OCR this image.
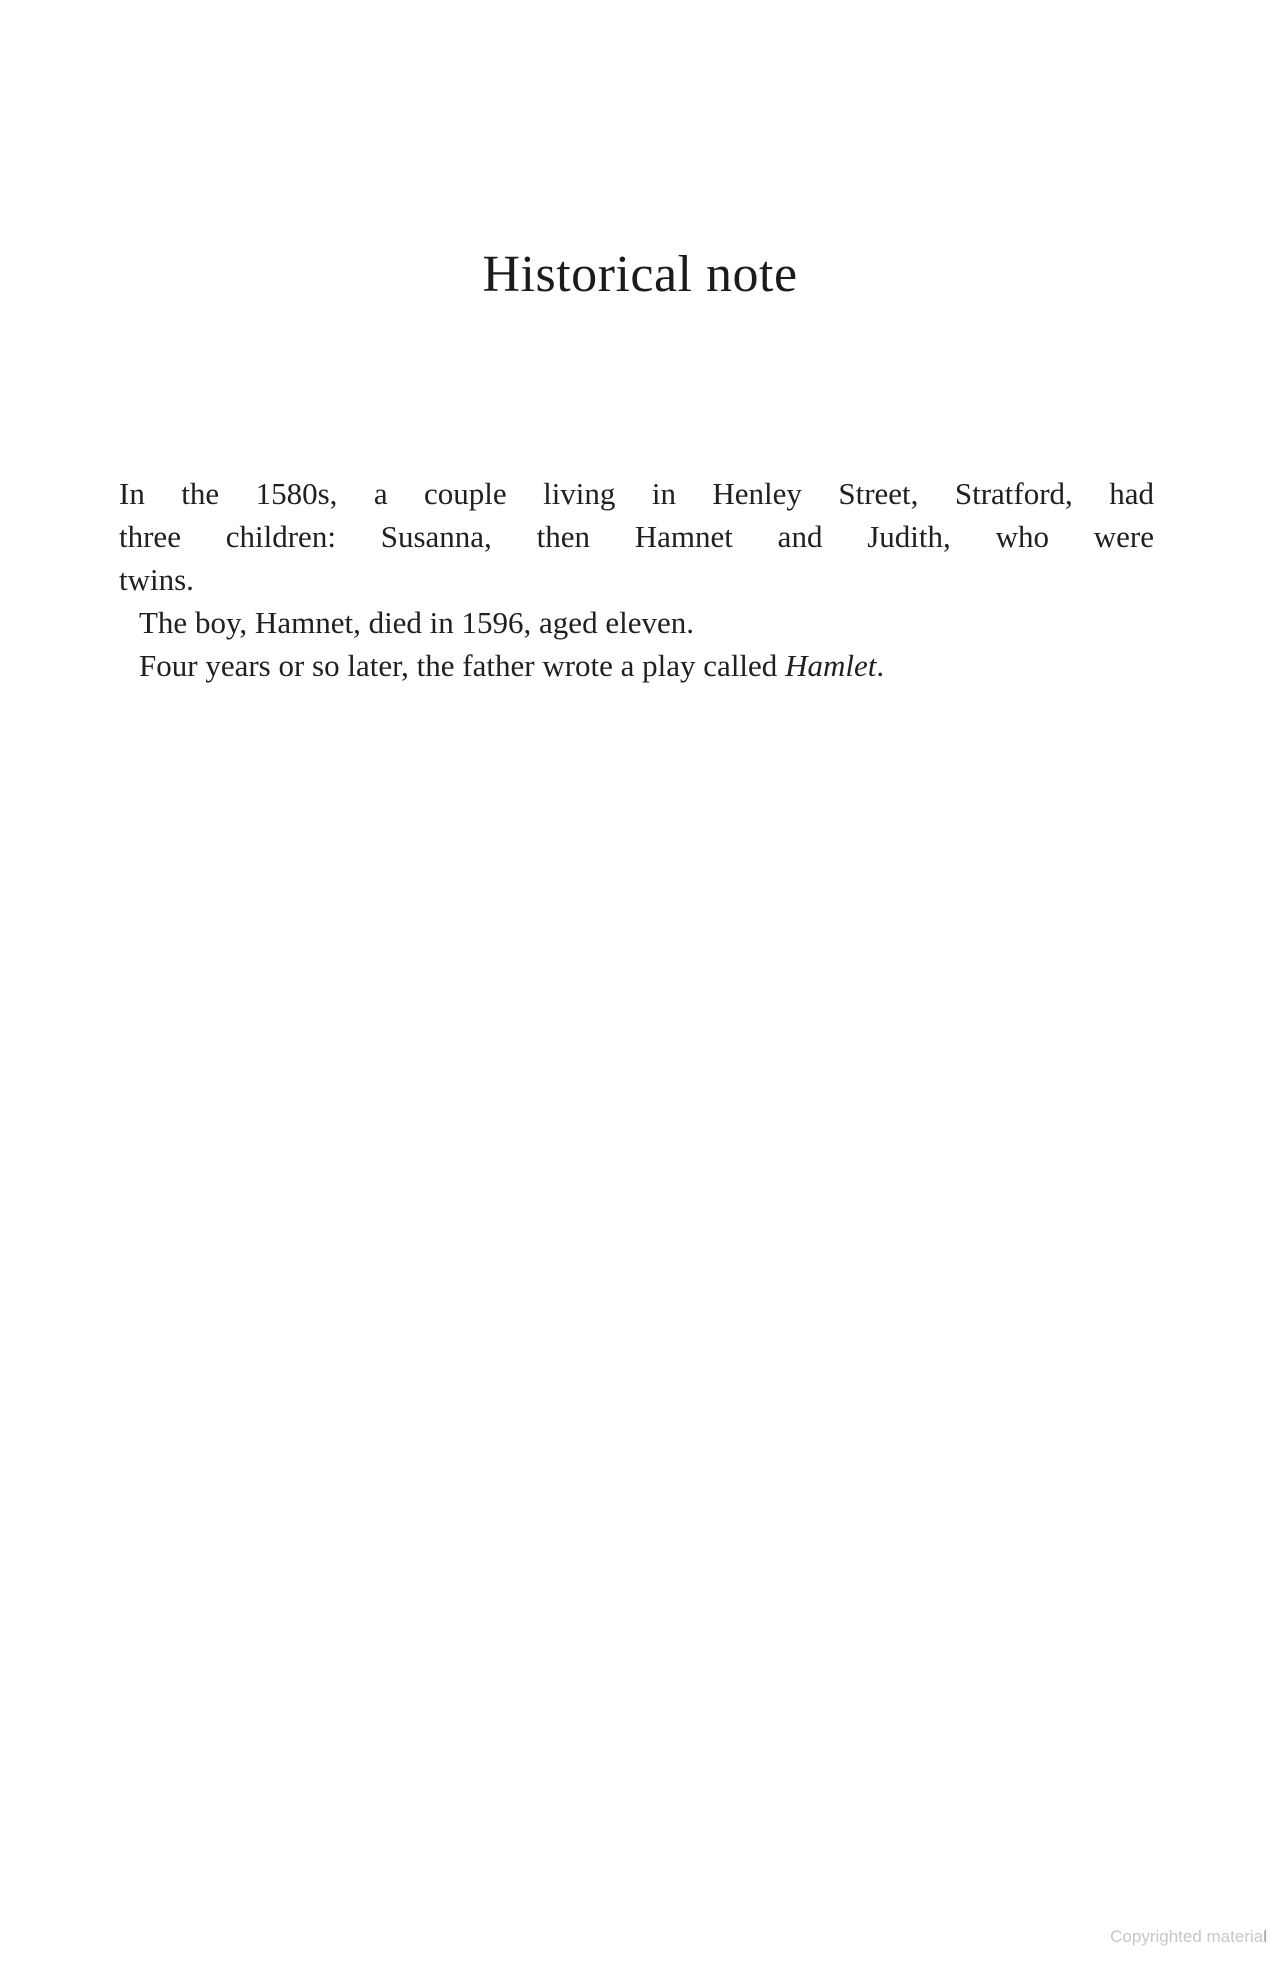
Historical note
In the 1580s, a couple living in Henley Street, Stratford, had
three children: Susanna, then Hamnet and Judith, who were
twins.
The boy, Hamnet, died in 1596, aged eleven.
Four years or so later, the father wrote a play called Hamlet.
Copyrighted material
